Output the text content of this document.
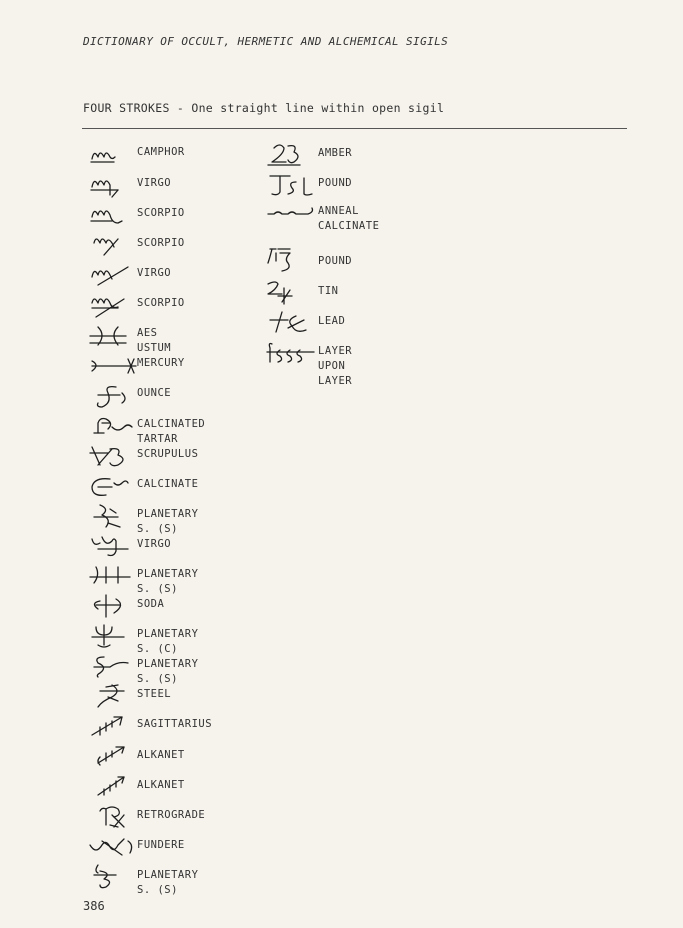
DICTIONARY OF OCCULT, HERMETIC AND ALCHEMICAL SIGILS
FOUR STROKES - One straight line within open sigil
CAMPHOR
VIRGO
SCORPIO
SCORPIO
VIRGO
SCORPIO
AES USTUM
MERCURY
OUNCE
CALCINATED TARTAR
SCRUPULUS
CALCINATE
PLANETARY S. (S)
VIRGO
PLANETARY S. (S)
SODA
PLANETARY S. (C)
PLANETARY S. (S)
STEEL
SAGITTARIUS
ALKANET
ALKANET
RETROGRADE
FUNDERE
PLANETARY S. (S)
AMBER
POUND
ANNEAL
CALCINATE
POUND
TIN
LEAD
LAYER UPON LAYER
386
